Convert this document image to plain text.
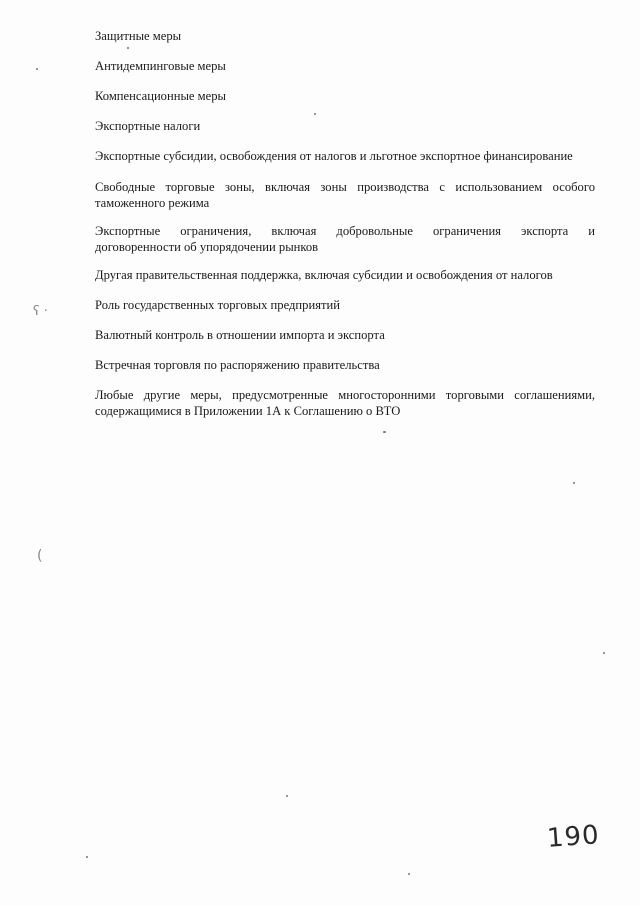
Защитные меры
Антидемпинговые меры
Компенсационные меры
Экспортные налоги
Экспортные субсидии, освобождения от налогов и льготное экспортное финансирование
Свободные торговые зоны, включая зоны производства с использованием особого
таможенного режима
Экспортные ограничения, включая добровольные ограничения экспорта и
договоренности об упорядочении рынков
Другая правительственная поддержка, включая субсидии и освобождения от налогов
Роль государственных торговых предприятий
Валютный контроль в отношении импорта и экспорта
Встречная торговля по распоряжению правительства
Любые другие меры, предусмотренные многосторонними торговыми соглашениями,
содержащимися в Приложении 1А к Соглашению о ВТО
ʕ ·
(
190
